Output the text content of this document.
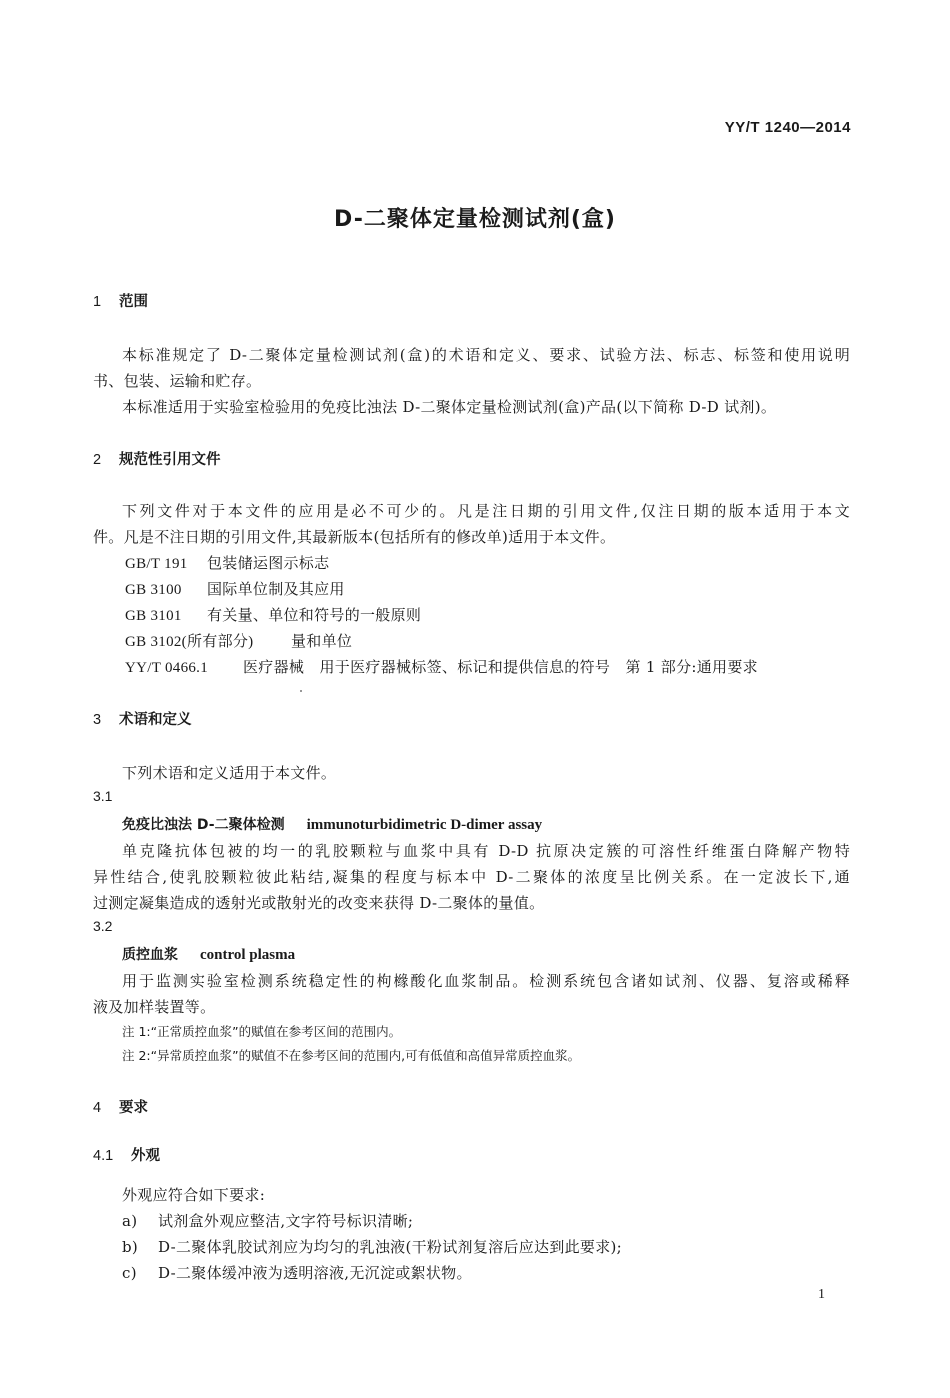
YY/T 1240—2014
D-二聚体定量检测试剂(盒)
1 范围
本标准规定了 D-二聚体定量检测试剂(盒)的术语和定义、要求、试验方法、标志、标签和使用说明
书、包装、运输和贮存。
本标准适用于实验室检验用的免疫比浊法 D-二聚体定量检测试剂(盒)产品(以下简称 D-D 试剂)。
2 规范性引用文件
下列文件对于本文件的应用是必不可少的。凡是注日期的引用文件,仅注日期的版本适用于本文
件。凡是不注日期的引用文件,其最新版本(包括所有的修改单)适用于本文件。
GB/T 191 包装储运图示标志
GB 3100 国际单位制及其应用
GB 3101 有关量、单位和符号的一般原则
GB 3102(所有部分)	量和单位
YY/T 0466.1 医疗器械　用于医疗器械标签、标记和提供信息的符号　第 1 部分:通用要求
3 术语和定义
下列术语和定义适用于本文件。
3.1
免疫比浊法 D-二聚体检测 immunoturbidimetric D-dimer assay
单克隆抗体包被的均一的乳胶颗粒与血浆中具有 D-D 抗原决定簇的可溶性纤维蛋白降解产物特
异性结合,使乳胶颗粒彼此粘结,凝集的程度与标本中 D-二聚体的浓度呈比例关系。在一定波长下,通
过测定凝集造成的透射光或散射光的改变来获得 D-二聚体的量值。
3.2
质控血浆 control plasma
用于监测实验室检测系统稳定性的枸橼酸化血浆制品。检测系统包含诸如试剂、仪器、复溶或稀释
液及加样装置等。
注 1:“正常质控血浆”的赋值在参考区间的范围内。
注 2:“异常质控血浆”的赋值不在参考区间的范围内,可有低值和高值异常质控血浆。
4 要求
4.1 外观
外观应符合如下要求:
a) 试剂盒外观应整洁,文字符号标识清晰;
b) D-二聚体乳胶试剂应为均匀的乳浊液(干粉试剂复溶后应达到此要求);
c) D-二聚体缓冲液为透明溶液,无沉淀或絮状物。
1
